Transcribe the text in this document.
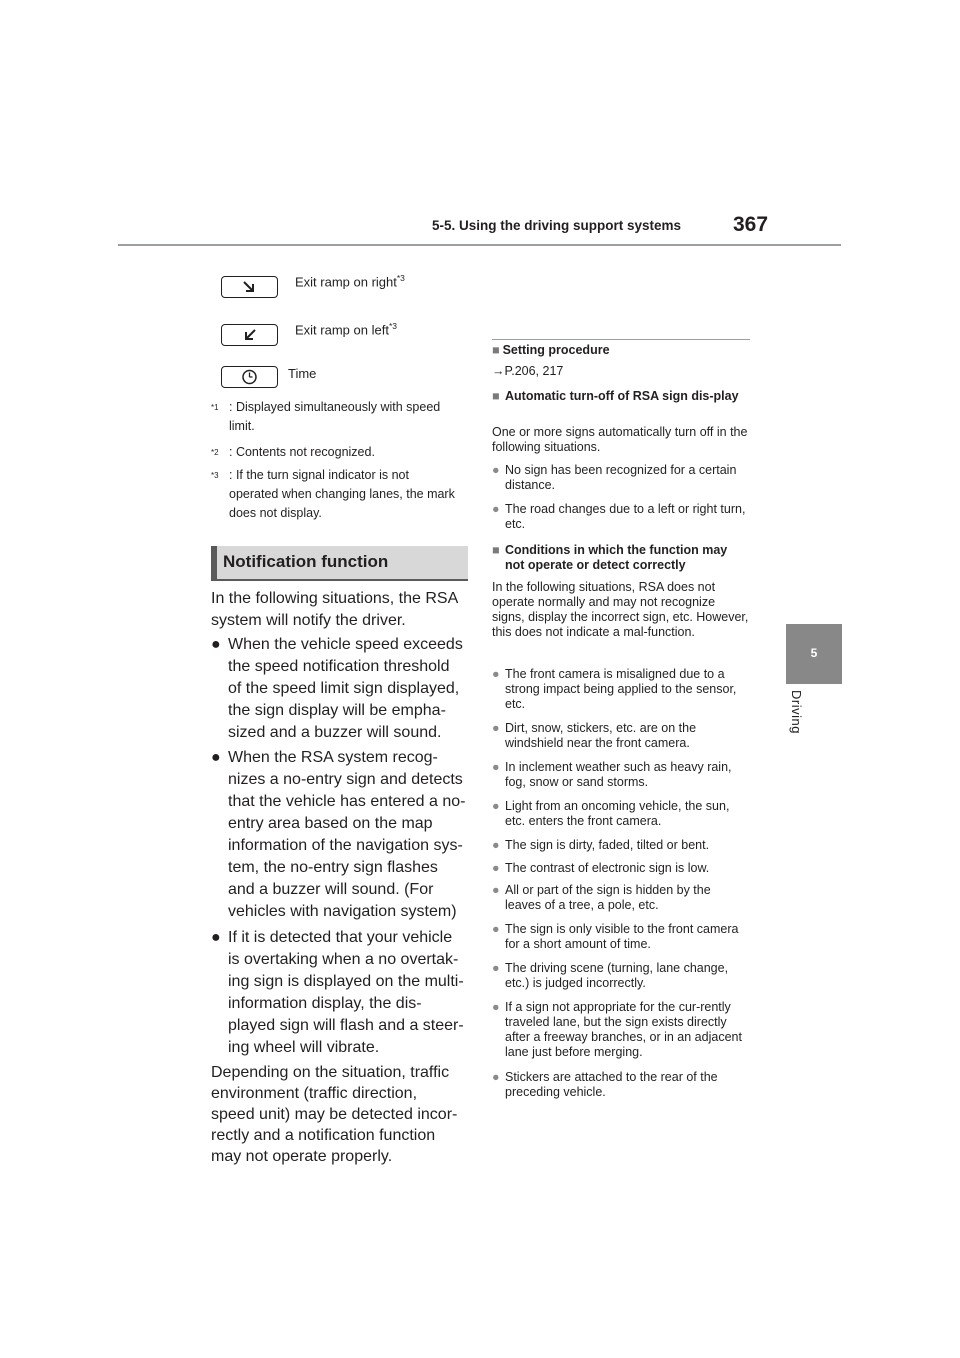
5-5. Using the driving support systems 367
5
Driving
Exit ramp on right$^{*3}$
Exit ramp on left$^{*3}$
Time
$^{*1}$ : Displayed simultaneously with speed limit.
$^{*2}$ : Contents not recognized.
$^{*3}$ : If the turn signal indicator is not operated when changing lanes, the mark does not display.
Notification function
In the following situations, the RSA system will notify the driver.
● When the vehicle speed exceeds the speed notification threshold of the speed limit sign displayed, the sign display will be empha-sized and a buzzer will sound.
● When the RSA system recog-nizes a no-entry sign and detects that the vehicle has entered a no-entry area based on the map information of the navigation sys-tem, the no-entry sign flashes and a buzzer will sound. (For vehicles with navigation system)
● If it is detected that your vehicle is overtaking when a no overtak-ing sign is displayed on the multi-information display, the dis-played sign will flash and a steer-ing wheel will vibrate.
Depending on the situation, traffic environment (traffic direction, speed unit) may be detected incor-rectly and a notification function may not operate properly.
■ Setting procedure
→P.206, 217
■ Automatic turn-off of RSA sign dis-play
One or more signs automatically turn off in the following situations.
● No sign has been recognized for a certain distance.
● The road changes due to a left or right turn, etc.
■ Conditions in which the function may not operate or detect correctly
In the following situations, RSA does not operate normally and may not recognize signs, display the incorrect sign, etc. However, this does not indicate a mal-function.
● The front camera is misaligned due to a strong impact being applied to the sensor, etc.
● Dirt, snow, stickers, etc. are on the windshield near the front camera.
● In inclement weather such as heavy rain, fog, snow or sand storms.
● Light from an oncoming vehicle, the sun, etc. enters the front camera.
● The sign is dirty, faded, tilted or bent.
● The contrast of electronic sign is low.
● All or part of the sign is hidden by the leaves of a tree, a pole, etc.
● The sign is only visible to the front camera for a short amount of time.
● The driving scene (turning, lane change, etc.) is judged incorrectly.
● If a sign not appropriate for the cur-rently traveled lane, but the sign exists directly after a freeway branches, or in an adjacent lane just before merging.
● Stickers are attached to the rear of the preceding vehicle.
